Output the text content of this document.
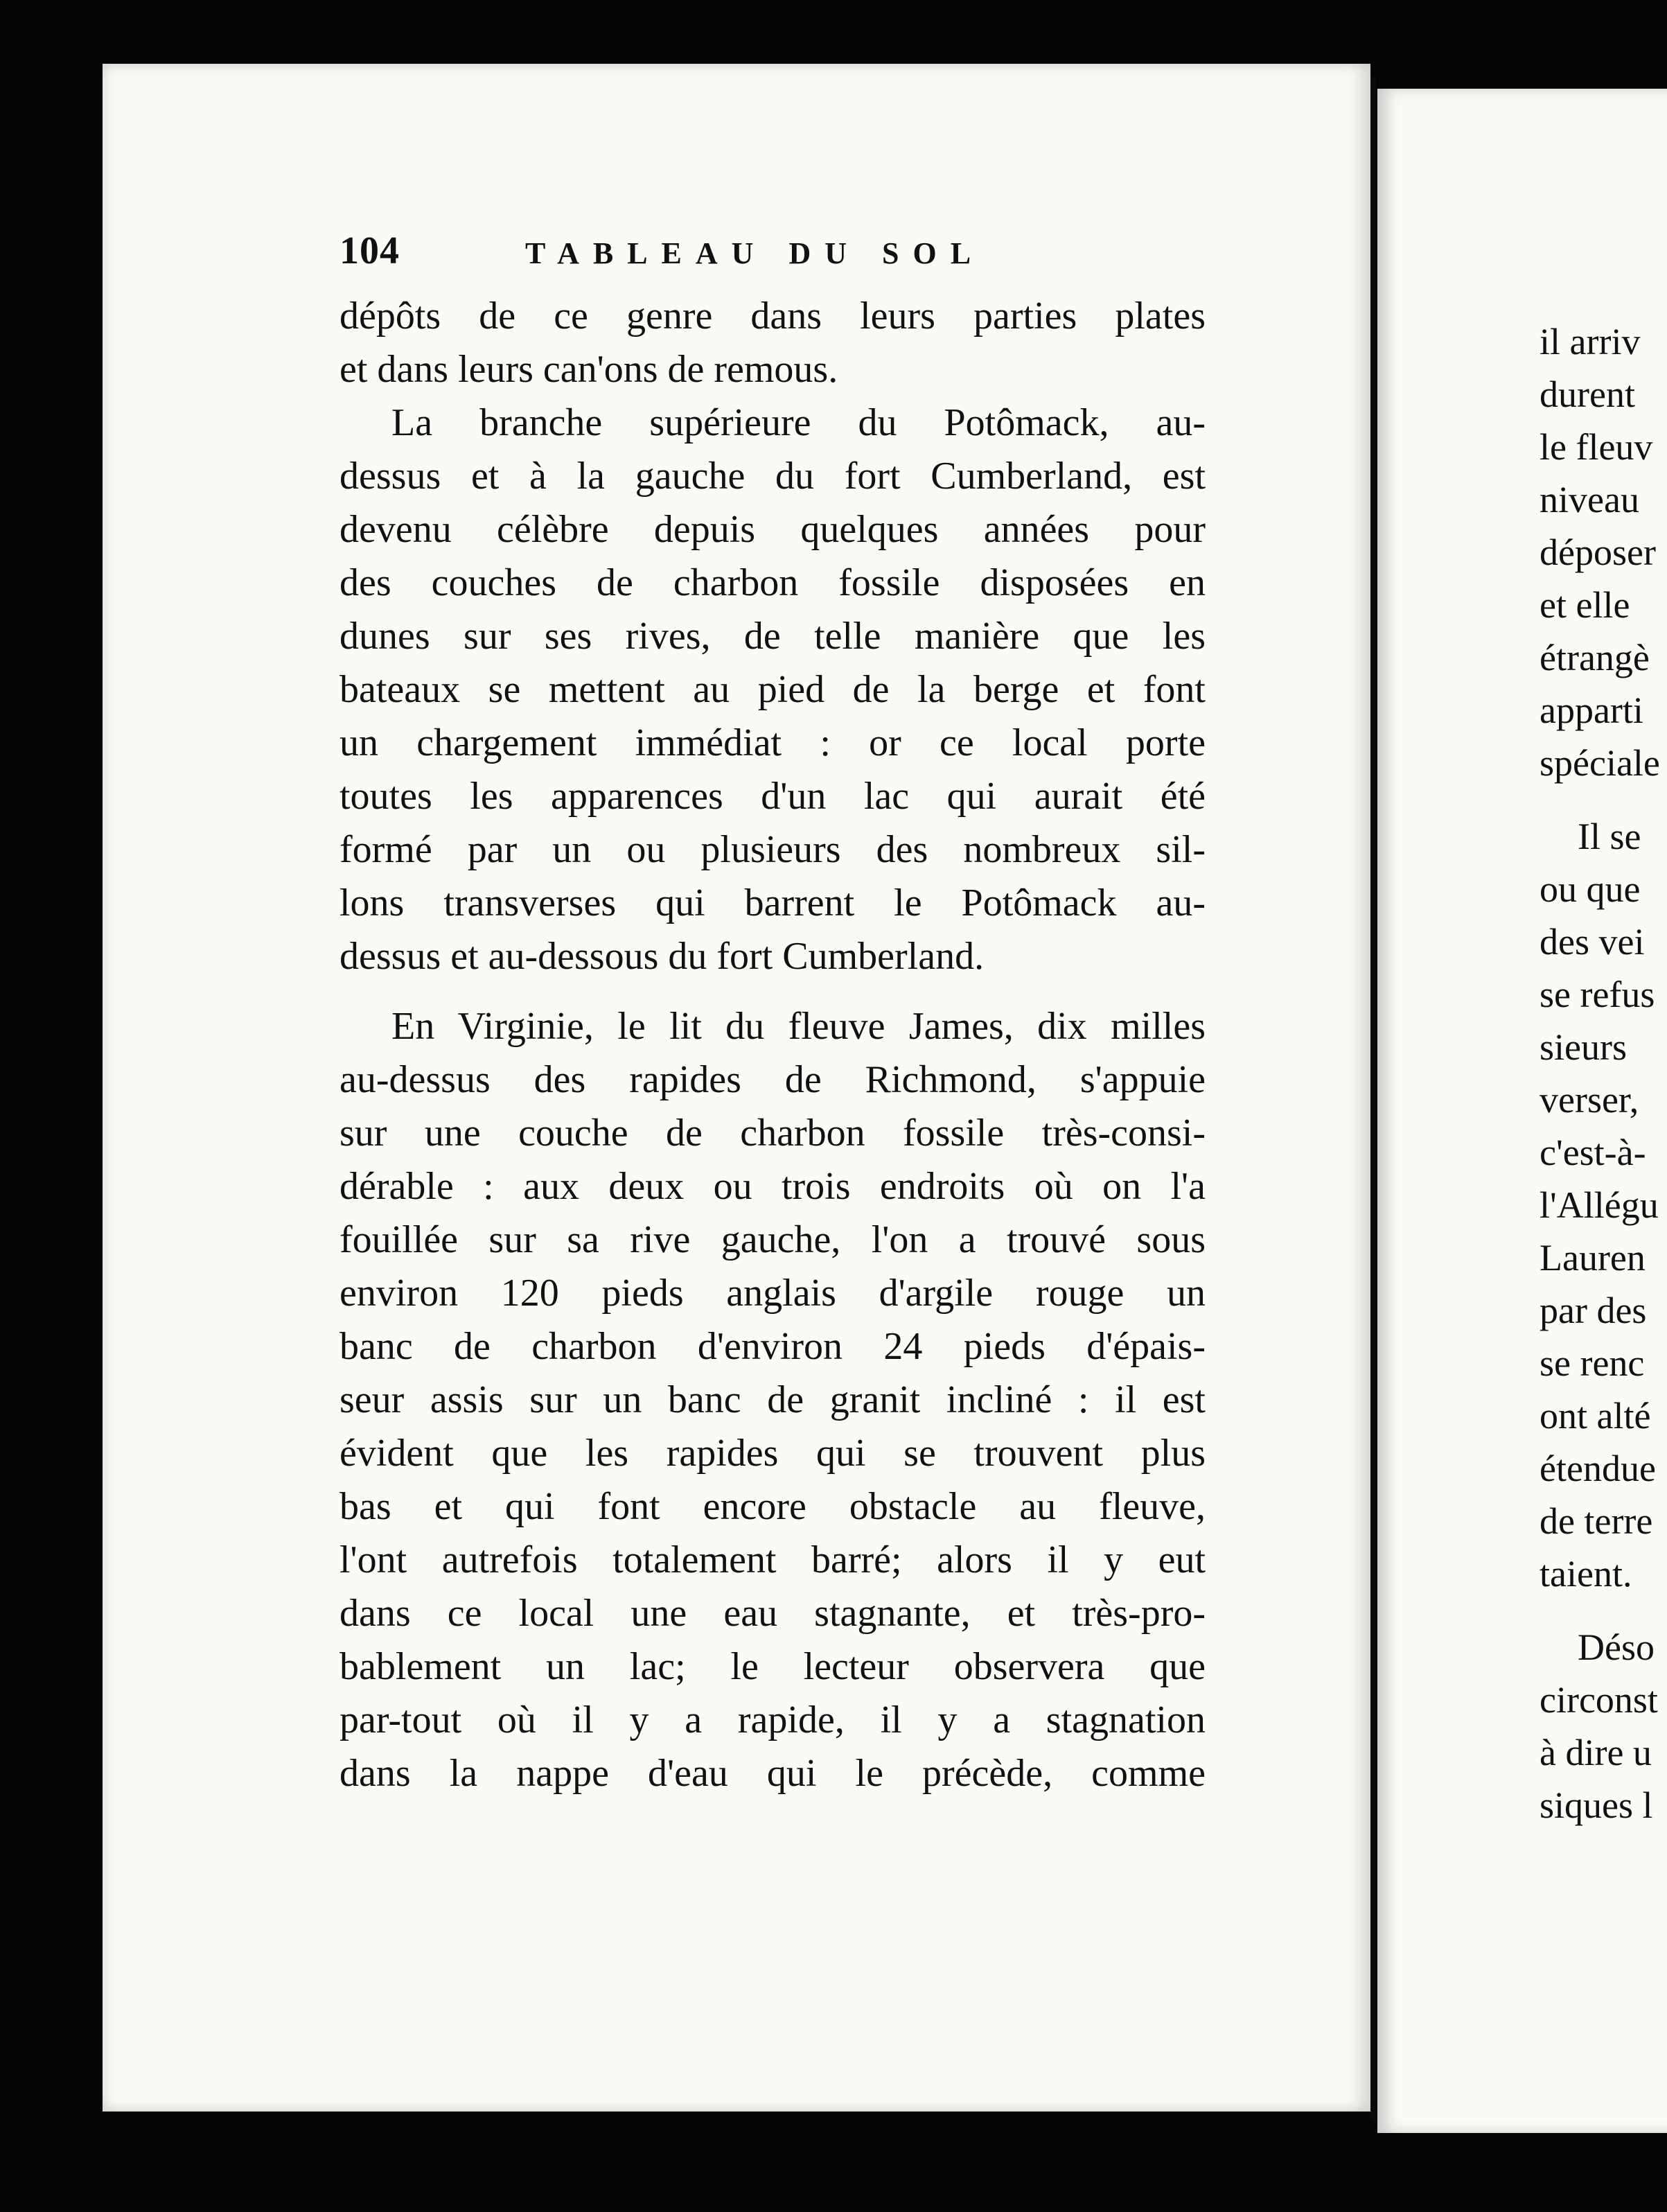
104	TABLEAU DU SOL
dépôts de ce genre dans leurs parties plates
et dans leurs can'ons de remous.
La branche supérieure du Potômack, au-
dessus et à la gauche du fort Cumberland, est
devenu célèbre depuis quelques années pour
des couches de charbon fossile disposées en
dunes sur ses rives, de telle manière que les
bateaux se mettent au pied de la berge et font
un chargement immédiat : or ce local porte
toutes les apparences d'un lac qui aurait été
formé par un ou plusieurs des nombreux sil-
lons transverses qui barrent le Potômack au-
dessus et au-dessous du fort Cumberland.
En Virginie, le lit du fleuve James, dix milles
au-dessus des rapides de Richmond, s'appuie
sur une couche de charbon fossile très-consi-
dérable : aux deux ou trois endroits où on l'a
fouillée sur sa rive gauche, l'on a trouvé sous
environ 120 pieds anglais d'argile rouge un
banc de charbon d'environ 24 pieds d'épais-
seur assis sur un banc de granit incliné : il est
évident que les rapides qui se trouvent plus
bas et qui font encore obstacle au fleuve,
l'ont autrefois totalement barré; alors il y eut
dans ce local une eau stagnante, et très-pro-
bablement un lac; le lecteur observera que
par-tout où il y a rapide, il y a stagnation
dans la nappe d'eau qui le précède, comme
il arriv
durent
le fleuv
niveau
déposer
et elle
étrangè
apparti
spéciale
Il se
ou que
des vei
se refus
sieurs
verser,
c'est-à-
l'Allégu
Lauren
par des
se renc
ont alté
étendue
de terre
taient.
Déso
circonst
à dire u
siques l
